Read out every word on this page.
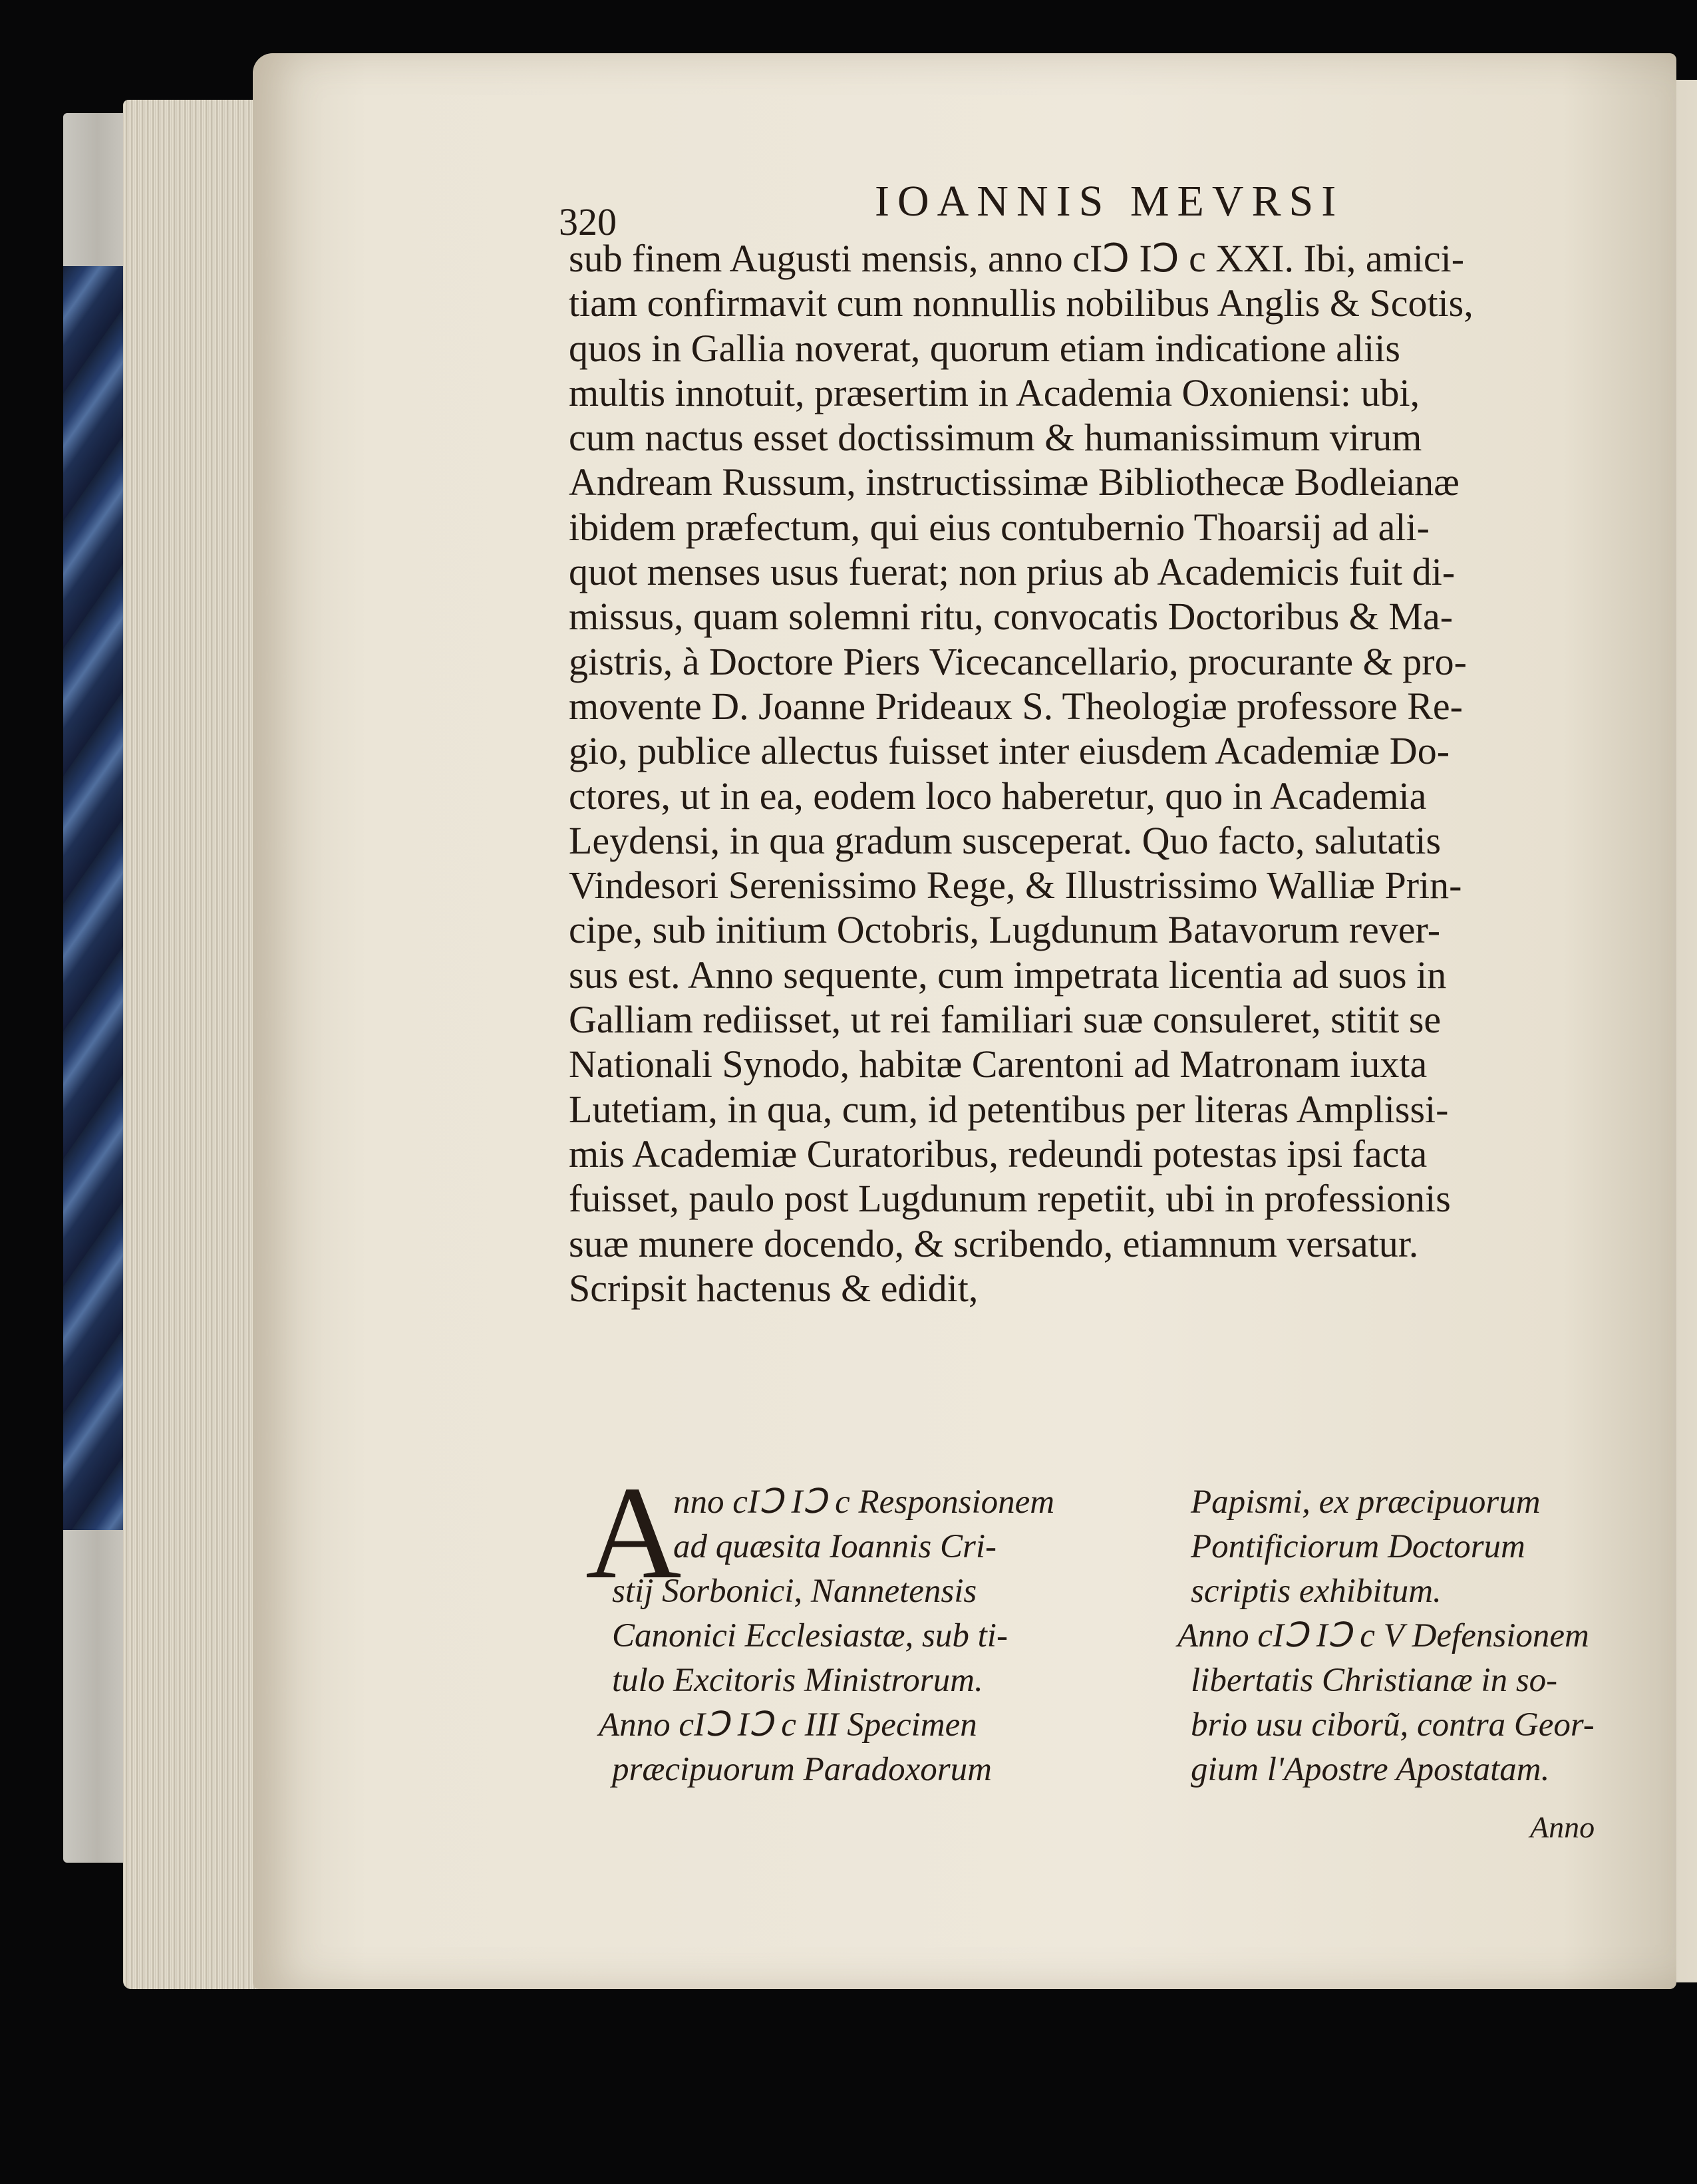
320	IOANNIS MEVRSI
sub finem Augusti mensis, anno cIↃ IↃ c XXI. Ibi, amici-
tiam confirmavit cum nonnullis nobilibus Anglis & Scotis,
quos in Gallia noverat, quorum etiam indicatione aliis
multis innotuit, præsertim in Academia Oxoniensi: ubi,
cum nactus esset doctissimum & humanissimum virum
Andream Russum, instructissimæ Bibliothecæ Bodleianæ
ibidem præfectum, qui eius contubernio Thoarsij ad ali-
quot menses usus fuerat; non prius ab Academicis fuit di-
missus, quam solemni ritu, convocatis Doctoribus & Ma-
gistris, à Doctore Piers Vicecancellario, procurante & pro-
movente D. Joanne Prideaux S. Theologiæ professore Re-
gio, publice allectus fuisset inter eiusdem Academiæ Do-
ctores, ut in ea, eodem loco haberetur, quo in Academia
Leydensi, in qua gradum susceperat. Quo facto, salutatis
Vindesori Serenissimo Rege, & Illustrissimo Walliæ Prin-
cipe, sub initium Octobris, Lugdunum Batavorum rever-
sus est. Anno sequente, cum impetrata licentia ad suos in
Galliam rediisset, ut rei familiari suæ consuleret, stitit se
Nationali Synodo, habitæ Carentoni ad Matronam iuxta
Lutetiam, in qua, cum, id petentibus per literas Amplissi-
mis Academiæ Curatoribus, redeundi potestas ipsi facta
fuisset, paulo post Lugdunum repetiit, ubi in professionis
suæ munere docendo, & scribendo, etiamnum versatur.
Scripsit hactenus & edidit,
A
nno cIↃ IↃ c Responsionem
ad quæsita Ioannis Cri-
stij Sorbonici, Nannetensis
Canonici Ecclesiastæ, sub ti-
tulo Excitoris Ministrorum.
Anno cIↃ IↃ c III Specimen
præcipuorum Paradoxorum
Papismi, ex præcipuorum
Pontificiorum Doctorum
scriptis exhibitum.
Anno cIↃ IↃ c V Defensionem
libertatis Christianæ in so-
brio usu ciborũ, contra Geor-
gium l'Apostre Apostatam.
Anno
